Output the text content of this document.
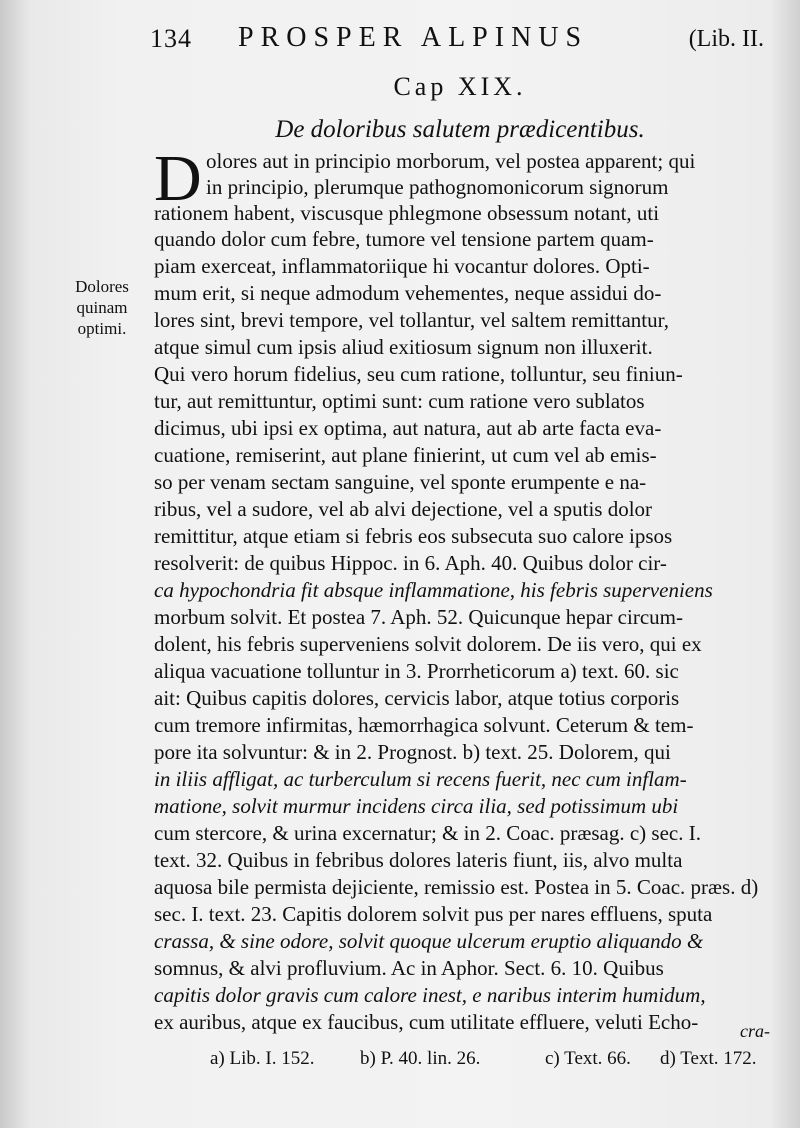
134 PROSPER ALPINUS	(Lib. II.
Cap XIX.
De doloribus salutem prædicentibus.
D
Dolores
quinam
optimi.
olores aut in principio morborum, vel postea apparent; qui
in principio, plerumque pathognomonicorum signorum
rationem habent, viscusque phlegmone obsessum notant, uti
quando dolor cum febre, tumore vel tensione partem quam-
piam exerceat, inflammatoriique hi vocantur dolores. Opti-
mum erit, si neque admodum vehementes, neque assidui do-
lores sint, brevi tempore, vel tollantur, vel saltem remittantur,
atque simul cum ipsis aliud exitiosum signum non illuxerit.
Qui vero horum fidelius, seu cum ratione, tolluntur, seu finiun-
tur, aut remittuntur, optimi sunt: cum ratione vero sublatos
dicimus, ubi ipsi ex optima, aut natura, aut ab arte facta eva-
cuatione, remiserint, aut plane finierint, ut cum vel ab emis-
so per venam sectam sanguine, vel sponte erumpente e na-
ribus, vel a sudore, vel ab alvi dejectione, vel a sputis dolor
remittitur, atque etiam si febris eos subsecuta suo calore ipsos
resolverit: de quibus Hippoc. in 6. Aph. 40. Quibus dolor cir-
ca hypochondria fit absque inflammatione, his febris superveniens
morbum solvit. Et postea 7. Aph. 52. Quicunque hepar circum-
dolent, his febris superveniens solvit dolorem. De iis vero, qui ex
aliqua vacuatione tolluntur in 3. Prorrheticorum a) text. 60. sic
ait: Quibus capitis dolores, cervicis labor, atque totius corporis
cum tremore infirmitas, hæmorrhagica solvunt. Ceterum & tem-
pore ita solvuntur: & in 2. Prognost. b) text. 25. Dolorem, qui
in iliis affligat, ac turberculum si recens fuerit, nec cum inflam-
matione, solvit murmur incidens circa ilia, sed potissimum ubi
cum stercore, & urina excernatur; & in 2. Coac. præsag. c) sec. I.
text. 32. Quibus in febribus dolores lateris fiunt, iis, alvo multa
aquosa bile permista dejiciente, remissio est. Postea in 5. Coac. præs. d)
sec. I. text. 23. Capitis dolorem solvit pus per nares effluens, sputa
crassa, & sine odore, solvit quoque ulcerum eruptio aliquando &
somnus, & alvi profluvium. Ac in Aphor. Sect. 6. 10. Quibus
capitis dolor gravis cum calore inest, e naribus interim humidum,
ex auribus, atque ex faucibus, cum utilitate effluere, veluti Echo- cra-
a) Lib. I. 152. b) P. 40. lin. 26.	c) Text. 66. d) Text. 172.
